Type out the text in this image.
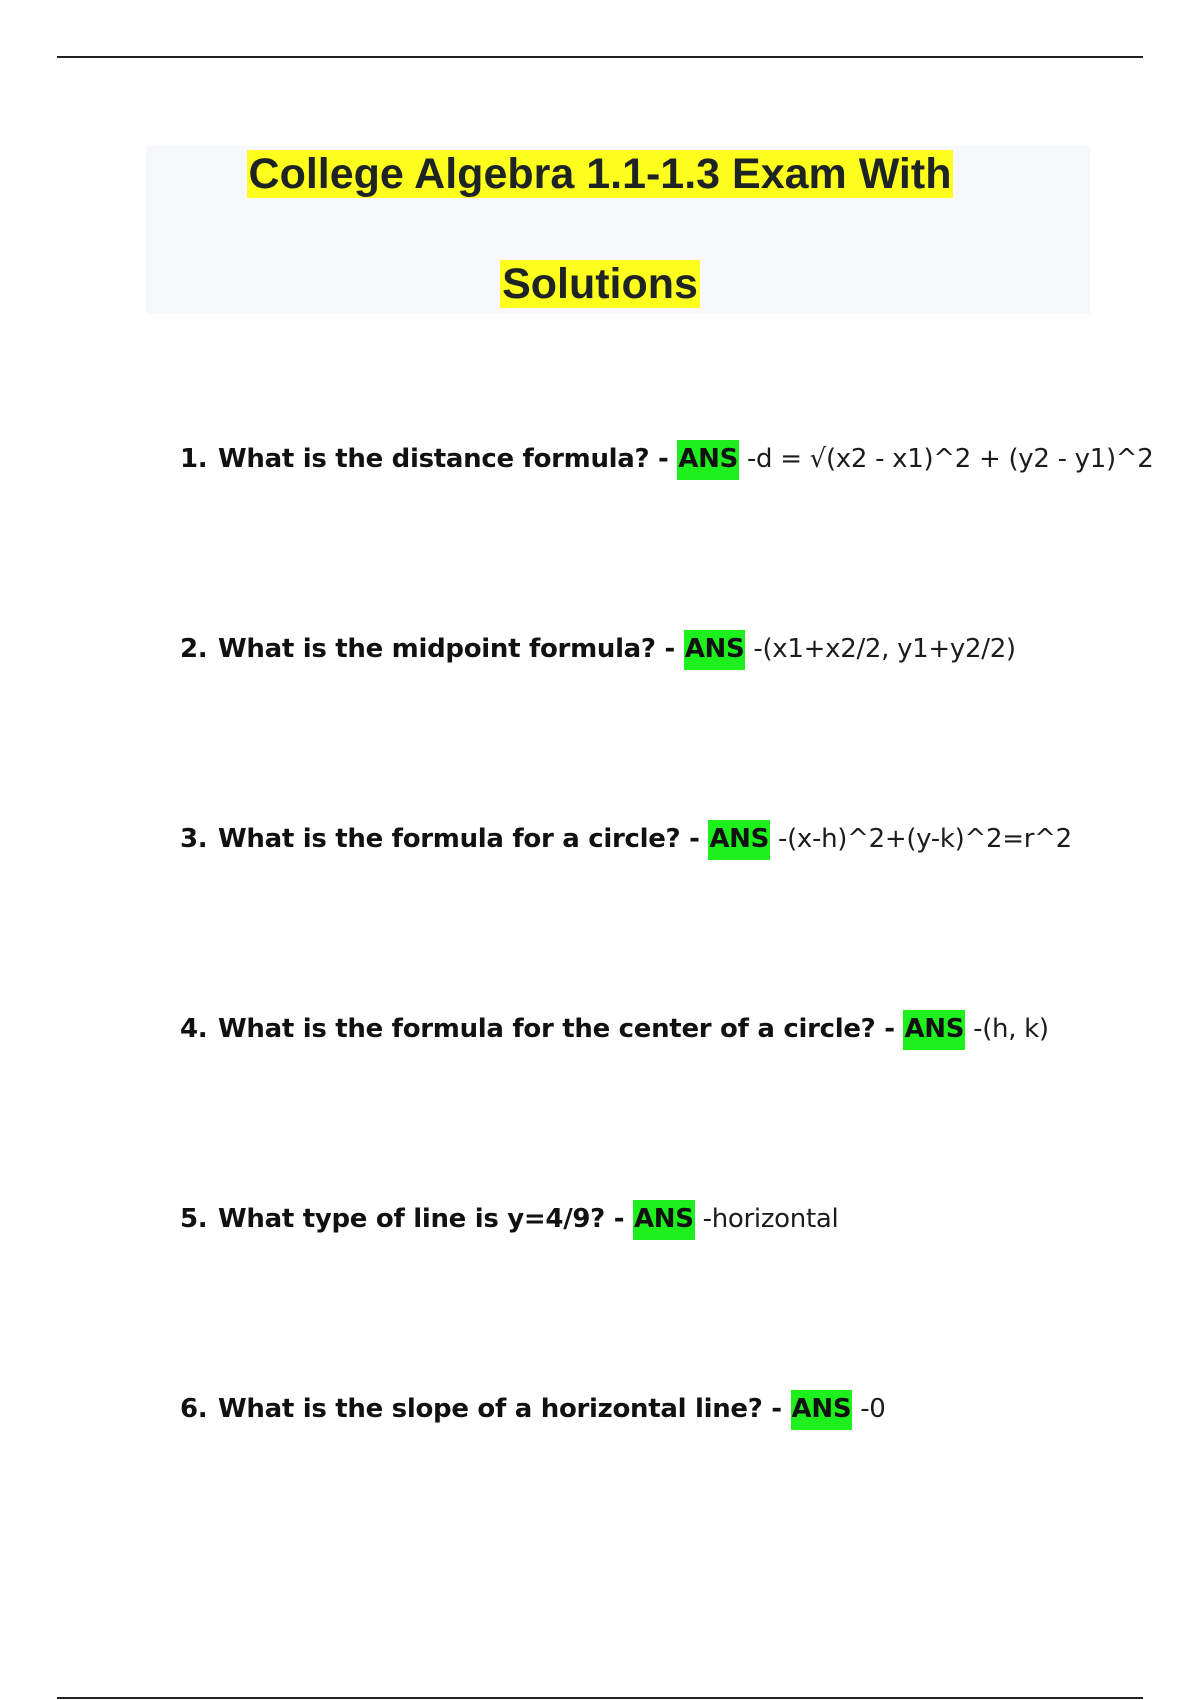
College Algebra 1.1-1.3 Exam With
Solutions
1. What is the distance formula? - ANS -d = √(x2 - x1)^2 + (y2 - y1)^2
2. What is the midpoint formula? - ANS -(x1+x2/2, y1+y2/2)
3. What is the formula for a circle? - ANS -(x-h)^2+(y-k)^2=r^2
4. What is the formula for the center of a circle? - ANS -(h, k)
5. What type of line is y=4/9? - ANS -horizontal
6. What is the slope of a horizontal line? - ANS -0
